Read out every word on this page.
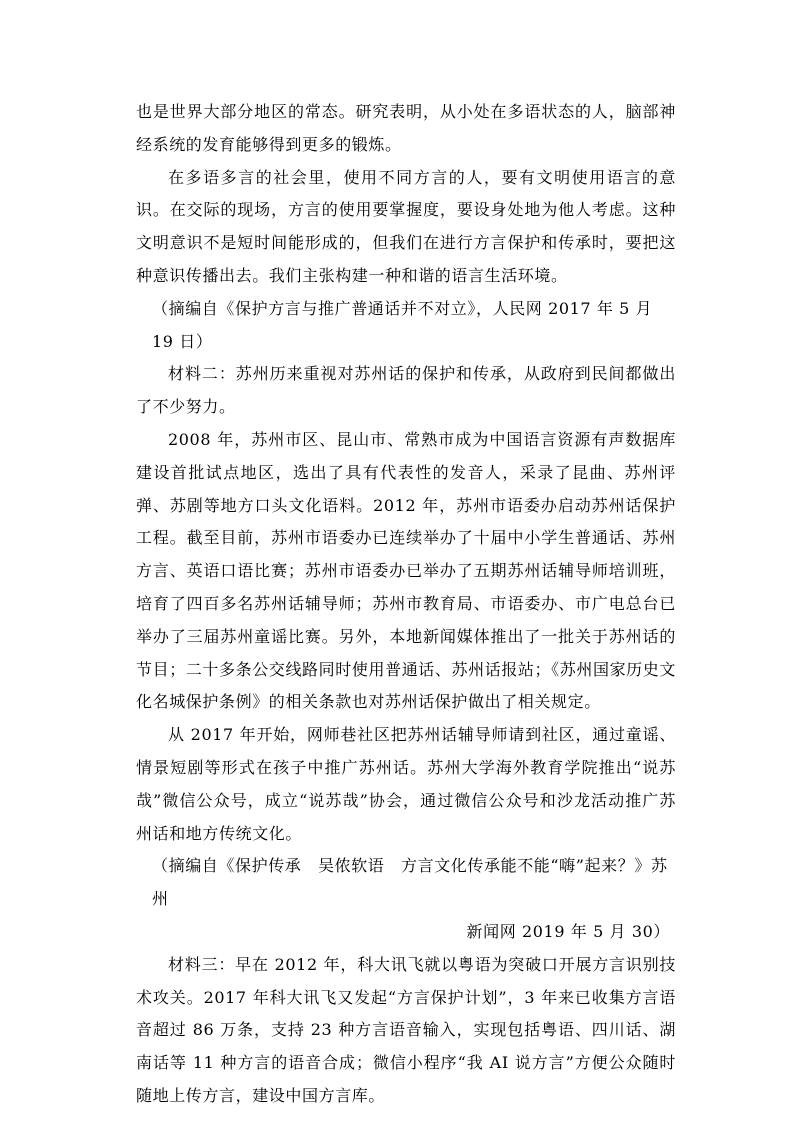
也是世界大部分地区的常态。研究表明，从小处在多语状态的人，脑部神经系统的发育能够得到更多的锻炼。

在多语多言的社会里，使用不同方言的人，要有文明使用语言的意识。在交际的现场，方言的使用要掌握度，要设身处地为他人考虑。这种文明意识不是短时间能形成的，但我们在进行方言保护和传承时，要把这种意识传播出去。我们主张构建一种和谐的语言生活环境。

（摘编自《保护方言与推广普通话并不对立》，人民网 2017 年 5 月 19 日）

材料二：苏州历来重视对苏州话的保护和传承，从政府到民间都做出了不少努力。

2008 年，苏州市区、昆山市、常熟市成为中国语言资源有声数据库建设首批试点地区，选出了具有代表性的发音人，采录了昆曲、苏州评弹、苏剧等地方口头文化语料。2012 年，苏州市语委办启动苏州话保护工程。截至目前，苏州市语委办已连续举办了十届中小学生普通话、苏州方言、英语口语比赛；苏州市语委办已举办了五期苏州话辅导师培训班，培育了四百多名苏州话辅导师；苏州市教育局、市语委办、市广电总台已举办了三届苏州童谣比赛。另外，本地新闻媒体推出了一批关于苏州话的节目；二十多条公交线路同时使用普通话、苏州话报站；《苏州国家历史文化名城保护条例》的相关条款也对苏州话保护做出了相关规定。

从 2017 年开始，网师巷社区把苏州话辅导师请到社区，通过童谣、情景短剧等形式在孩子中推广苏州话。苏州大学海外教育学院推出“说苏哉”微信公众号，成立“说苏哉”协会，通过微信公众号和沙龙活动推广苏州话和地方传统文化。

（摘编自《保护传承　吴侬软语　方言文化传承能不能“嗨”起来？》苏州
新闻网 2019 年 5 月 30）

材料三：早在 2012 年，科大讯飞就以粤语为突破口开展方言识别技术攻关。2017 年科大讯飞又发起“方言保护计划”，3 年来已收集方言语音超过 86 万条，支持 23 种方言语音输入，实现包括粤语、四川话、湖南话等 11 种方言的语音合成；微信小程序“我 AI 说方言”方便公众随时随地上传方言，建设中国方言库。
